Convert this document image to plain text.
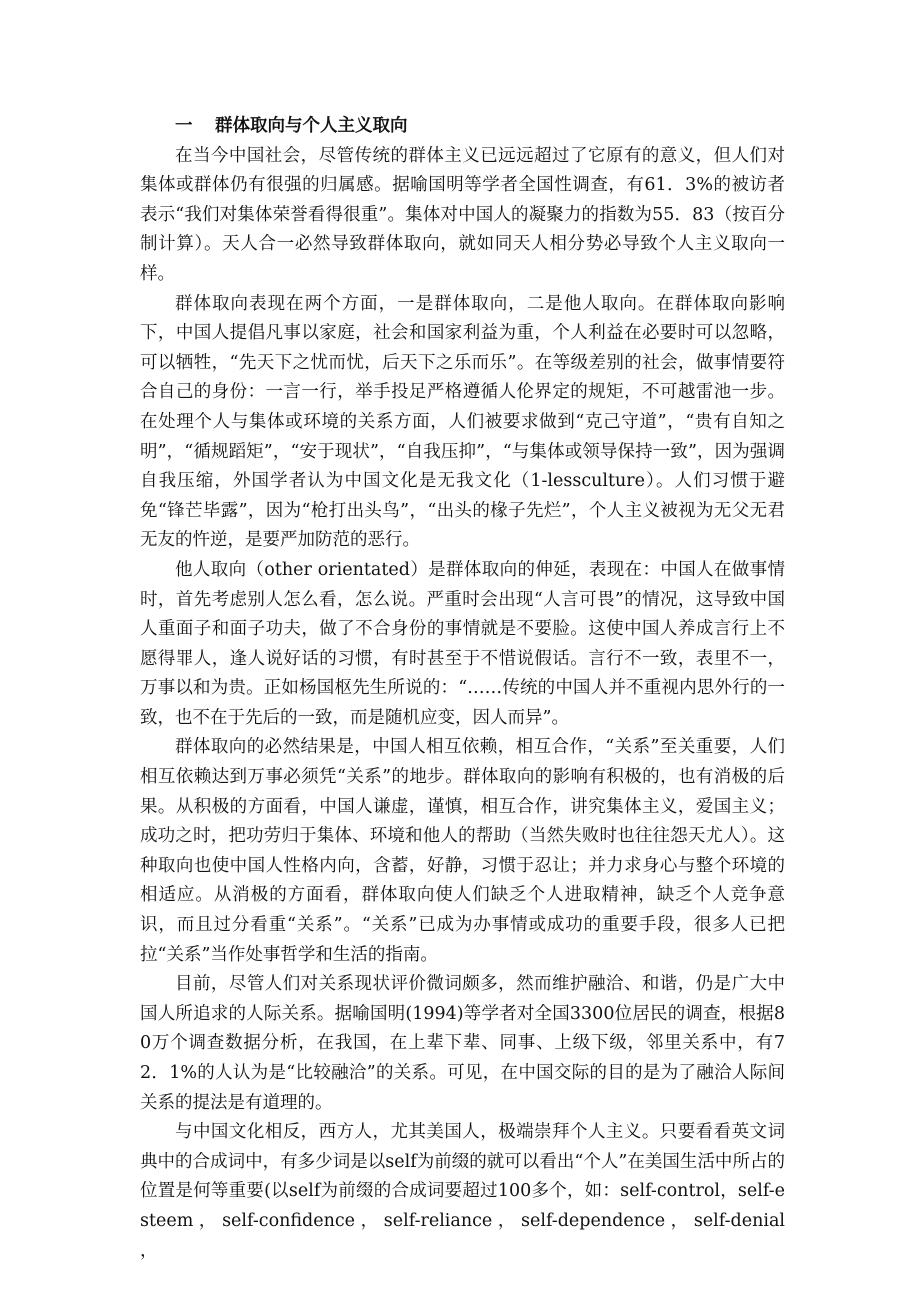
一 群体取向与个人主义取向

在当今中国社会，尽管传统的群体主义已远远超过了它原有的意义，但人们对集体或群体仍有很强的归属感。据喻国明等学者全国性调查，有61．3%的被访者表示“我们对集体荣誉看得很重”。集体对中国人的凝聚力的指数为55．83（按百分制计算）。天人合一必然导致群体取向，就如同天人相分势必导致个人主义取向一样。

群体取向表现在两个方面，一是群体取向，二是他人取向。在群体取向影响下，中国人提倡凡事以家庭，社会和国家利益为重，个人利益在必要时可以忽略，可以牺牲，“先天下之忧而忧，后天下之乐而乐”。在等级差别的社会，做事情要符合自己的身份：一言一行，举手投足严格遵循人伦界定的规矩，不可越雷池一步。在处理个人与集体或环境的关系方面，人们被要求做到“克己守道”，“贵有自知之明”，“循规蹈矩”，“安于现状”，“自我压抑”，“与集体或领导保持一致”，因为强调自我压缩，外国学者认为中国文化是无我文化（1-lessculture）。人们习惯于避免“锋芒毕露”，因为“枪打出头鸟”，“出头的椽子先烂”，个人主义被视为无父无君无友的忤逆，是要严加防范的恶行。

他人取向（other orientated）是群体取向的伸延，表现在：中国人在做事情时，首先考虑别人怎么看，怎么说。严重时会出现“人言可畏”的情况，这导致中国人重面子和面子功夫，做了不合身份的事情就是不要脸。这使中国人养成言行上不愿得罪人，逢人说好话的习惯，有时甚至于不惜说假话。言行不一致，表里不一，万事以和为贵。正如杨国枢先生所说的：“……传统的中国人并不重视内思外行的一致，也不在于先后的一致，而是随机应变，因人而异”。

群体取向的必然结果是，中国人相互依赖，相互合作，“关系”至关重要，人们相互依赖达到万事必须凭“关系”的地步。群体取向的影响有积极的，也有消极的后果。从积极的方面看，中国人谦虚，谨慎，相互合作，讲究集体主义，爱国主义；成功之时，把功劳归于集体、环境和他人的帮助（当然失败时也往往怨天尤人）。这种取向也使中国人性格内向，含蓄，好静，习惯于忍让；并力求身心与整个环境的相适应。从消极的方面看，群体取向使人们缺乏个人进取精神，缺乏个人竞争意识，而且过分看重“关系”。“关系”已成为办事情或成功的重要手段，很多人已把拉“关系”当作处事哲学和生活的指南。

目前，尽管人们对关系现状评价微词颇多，然而维护融洽、和谐，仍是广大中国人所追求的人际关系。据喻国明(1994)等学者对全国3300位居民的调查，根据80万个调查数据分析，在我国，在上辈下辈、同事、上级下级，邻里关系中，有72．1%的人认为是“比较融洽”的关系。可见，在中国交际的目的是为了融洽人际间关系的提法是有道理的。

与中国文化相反，西方人，尤其美国人，极端崇拜个人主义。只要看看英文词典中的合成词中，有多少词是以self为前缀的就可以看出“个人”在美国生活中所占的位置是何等重要(以self为前缀的合成词要超过100多个，如：self-control，self-esteem ， self-confidence ， self-reliance ， self-dependence ， self-denial ，
